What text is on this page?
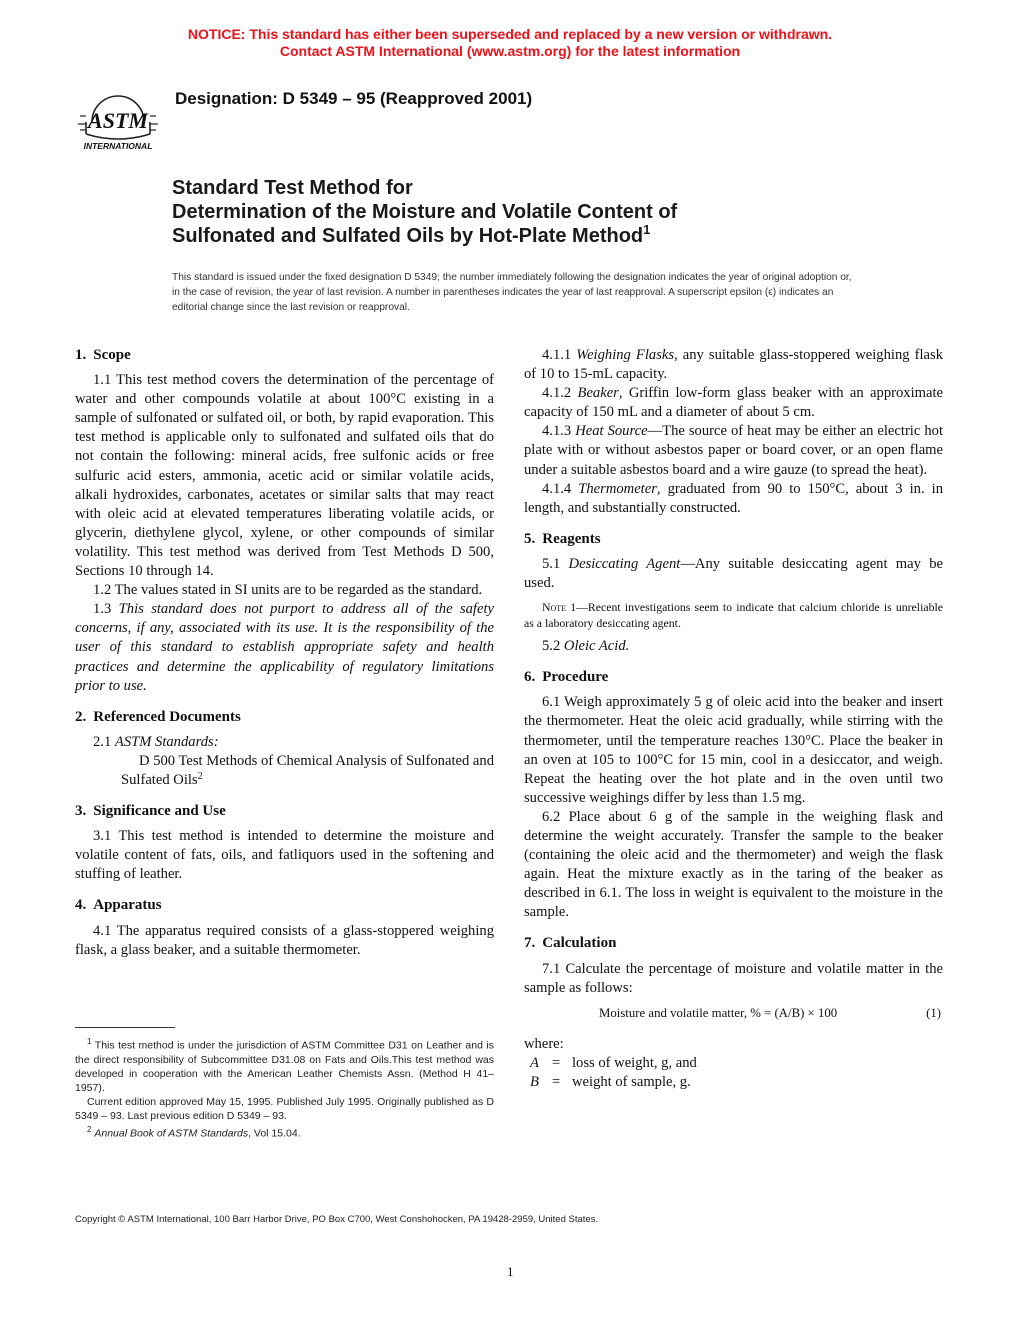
NOTICE: This standard has either been superseded and replaced by a new version or withdrawn.
Contact ASTM International (www.astm.org) for the latest information
ASTM
INTERNATIONAL
Designation: D 5349 – 95 (Reapproved 2001)
Standard Test Method for
Determination of the Moisture and Volatile Content of
Sulfonated and Sulfated Oils by Hot-Plate Method$^1$
This standard is issued under the fixed designation D 5349; the number immediately following the designation indicates the year of original adoption or, in the case of revision, the year of last revision. A number in parentheses indicates the year of last reapproval. A superscript epsilon (ϵ) indicates an editorial change since the last revision or reapproval.
1. Scope

1.1 This test method covers the determination of the percentage of water and other compounds volatile at about 100°C existing in a sample of sulfonated or sulfated oil, or both, by rapid evaporation. This test method is applicable only to sulfonated and sulfated oils that do not contain the following: mineral acids, free sulfonic acids or free sulfuric acid esters, ammonia, acetic acid or similar volatile acids, alkali hydroxides, carbonates, acetates or similar salts that may react with oleic acid at elevated temperatures liberating volatile acids, or glycerin, diethylene glycol, xylene, or other compounds of similar volatility. This test method was derived from Test Methods D 500, Sections 10 through 14.

1.2 The values stated in SI units are to be regarded as the standard.

1.3 This standard does not purport to address all of the safety concerns, if any, associated with its use. It is the responsibility of the user of this standard to establish appropriate safety and health practices and determine the applicability of regulatory limitations prior to use.

2. Referenced Documents

2.1 ASTM Standards:

D 500 Test Methods of Chemical Analysis of Sulfonated and Sulfated Oils$^2$

3. Significance and Use

3.1 This test method is intended to determine the moisture and volatile content of fats, oils, and fatliquors used in the softening and stuffing of leather.

4. Apparatus

4.1 The apparatus required consists of a glass-stoppered weighing flask, a glass beaker, and a suitable thermometer.

4.1.1 Weighing Flasks, any suitable glass-stoppered weighing flask of 10 to 15-mL capacity.

4.1.2 Beaker, Griffin low-form glass beaker with an approximate capacity of 150 mL and a diameter of about 5 cm.

4.1.3 Heat Source—The source of heat may be either an electric hot plate with or without asbestos paper or board cover, or an open flame under a suitable asbestos board and a wire gauze (to spread the heat).

4.1.4 Thermometer, graduated from 90 to 150°C, about 3 in. in length, and substantially constructed.

5. Reagents

5.1 Desiccating Agent—Any suitable desiccating agent may be used.

Note 1—Recent investigations seem to indicate that calcium chloride is unreliable as a laboratory desiccating agent.

5.2 Oleic Acid.

6. Procedure

6.1 Weigh approximately 5 g of oleic acid into the beaker and insert the thermometer. Heat the oleic acid gradually, while stirring with the thermometer, until the temperature reaches 130°C. Place the beaker in an oven at 105 to 100°C for 15 min, cool in a desiccator, and weigh. Repeat the heating over the hot plate and in the oven until two successive weighings differ by less than 1.5 mg.

6.2 Place about 6 g of the sample in the weighing flask and determine the weight accurately. Transfer the sample to the beaker (containing the oleic acid and the thermometer) and weigh the flask again. Heat the mixture exactly as in the taring of the beaker as described in 6.1. The loss in weight is equivalent to the moisture in the sample.

7. Calculation

7.1 Calculate the percentage of moisture and volatile matter in the sample as follows:

Moisture and volatile matter, % = (A/B) × 100	(1)

where:

A = loss of weight, g, and
B = weight of sample, g.

$^1$ This test method is under the jurisdiction of ASTM Committee D31 on Leather and is the direct responsibility of Subcommittee D31.08 on Fats and Oils.This test method was developed in cooperation with the American Leather Chemists Assn. (Method H 41–1957).

Current edition approved May 15, 1995. Published July 1995. Originally published as D 5349 – 93. Last previous edition D 5349 – 93.

$^2$ Annual Book of ASTM Standards, Vol 15.04.

Copyright © ASTM International, 100 Barr Harbor Drive, PO Box C700, West Conshohocken, PA 19428-2959, United States.
1
